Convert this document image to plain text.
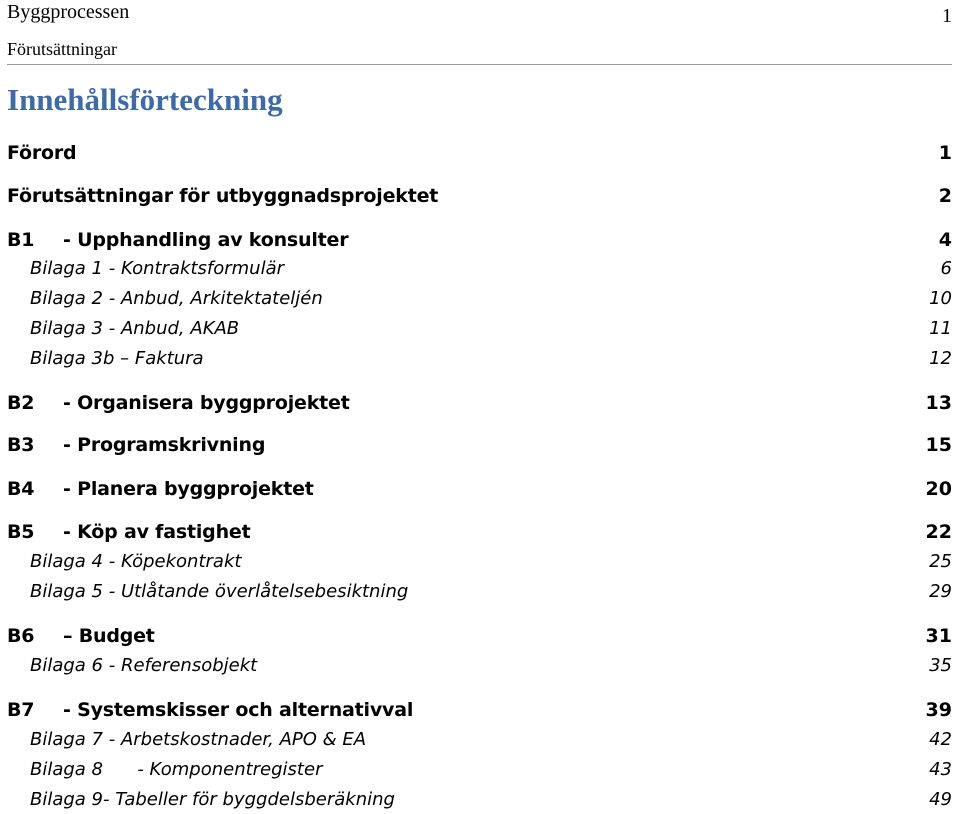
Byggprocessen
Förutsättningar
1
Innehållsförteckning
Förord	1
Förutsättningar för utbyggnadsprojektet	2
B1 - Upphandling av konsulter	4
Bilaga 1 - Kontraktsformulär	6
Bilaga 2 - Anbud, Arkitektateljén	10
Bilaga 3 - Anbud, AKAB	11
Bilaga 3b – Faktura	12
B2 - Organisera byggprojektet	13
B3 - Programskrivning	15
B4 - Planera byggprojektet	20
B5 - Köp av fastighet	22
Bilaga 4 - Köpekontrakt	25
Bilaga 5 - Utlåtande överlåtelsebesiktning	29
B6 – Budget	31
Bilaga 6 - Referensobjekt	35
B7 - Systemskisser och alternativval	39
Bilaga 7 - Arbetskostnader, APO & EA	42
Bilaga 8      - Komponentregister	43
Bilaga 9- Tabeller för byggdelsberäkning	49
